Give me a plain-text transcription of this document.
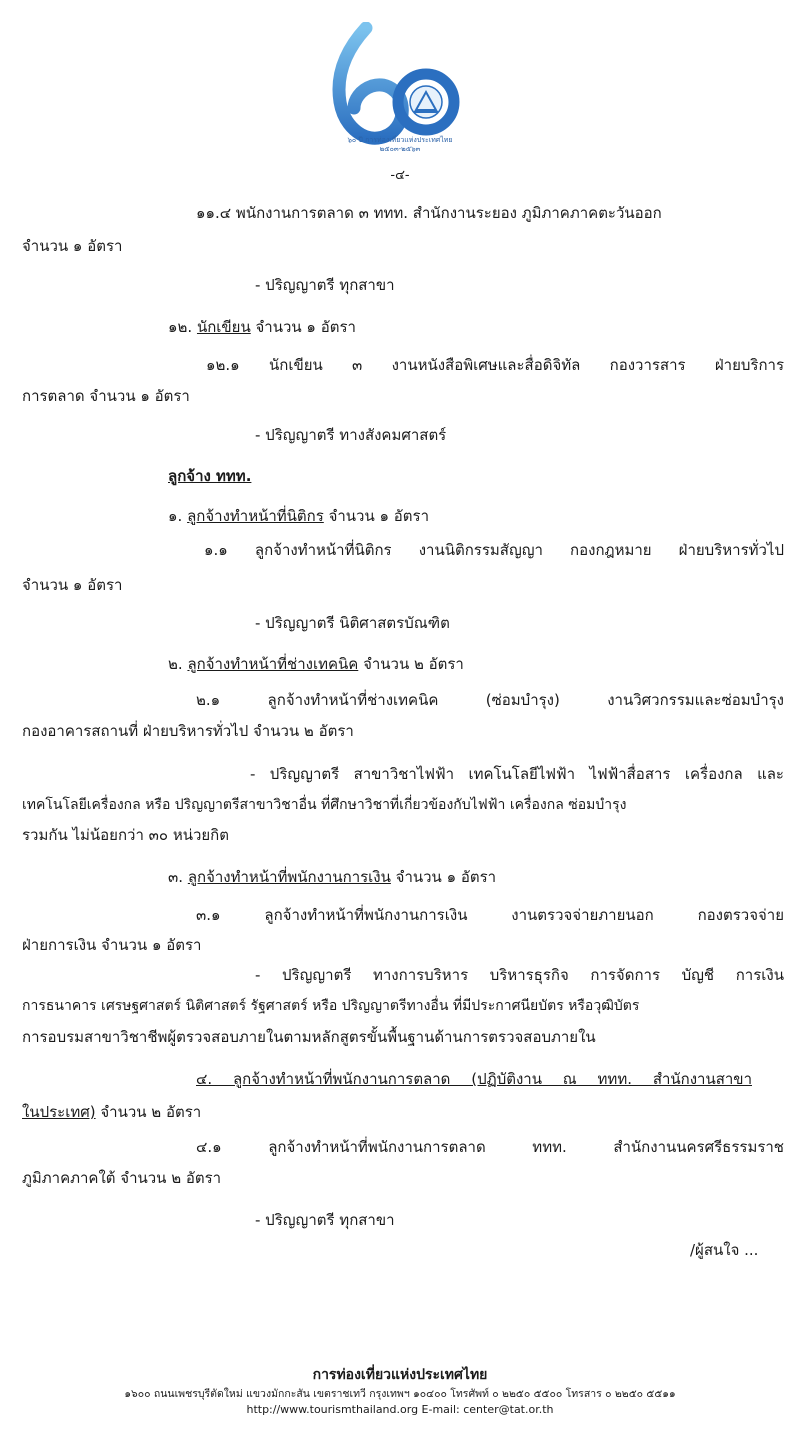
๖๐ ปี การท่องเที่ยวแห่งประเทศไทย
๒๕๐๓-๒๕๖๓
-๔-
๑๑.๔ พนักงานการตลาด ๓ ททท. สำนักงานระยอง ภูมิภาคภาคตะวันออก
จำนวน ๑ อัตรา
- ปริญญาตรี ทุกสาขา
๑๒. นักเขียน จำนวน ๑ อัตรา
๑๒.๑ นักเขียน ๓ งานหนังสือพิเศษและสื่อดิจิทัล กองวารสาร ฝ่ายบริการ
การตลาด จำนวน ๑ อัตรา
- ปริญญาตรี ทางสังคมศาสตร์
ลูกจ้าง ททท.
๑. ลูกจ้างทำหน้าที่นิติกร จำนวน ๑ อัตรา
๑.๑ ลูกจ้างทำหน้าที่นิติกร งานนิติกรรมสัญญา กองกฎหมาย ฝ่ายบริหารทั่วไป
จำนวน ๑ อัตรา
- ปริญญาตรี นิติศาสตรบัณฑิต
๒. ลูกจ้างทำหน้าที่ช่างเทคนิค จำนวน ๒ อัตรา
๒.๑ ลูกจ้างทำหน้าที่ช่างเทคนิค (ซ่อมบำรุง) งานวิศวกรรมและซ่อมบำรุง
กองอาคารสถานที่ ฝ่ายบริหารทั่วไป จำนวน ๒ อัตรา
- ปริญญาตรี สาขาวิชาไฟฟ้า เทคโนโลยีไฟฟ้า ไฟฟ้าสื่อสาร เครื่องกล และ
เทคโนโลยีเครื่องกล หรือ ปริญญาตรีสาขาวิชาอื่น ที่ศึกษาวิชาที่เกี่ยวข้องกับไฟฟ้า เครื่องกล ซ่อมบำรุง
รวมกัน ไม่น้อยกว่า ๓๐ หน่วยกิต
๓. ลูกจ้างทำหน้าที่พนักงานการเงิน จำนวน ๑ อัตรา
๓.๑ ลูกจ้างทำหน้าที่พนักงานการเงิน งานตรวจจ่ายภายนอก กองตรวจจ่าย
ฝ่ายการเงิน จำนวน ๑ อัตรา
- ปริญญาตรี ทางการบริหาร บริหารธุรกิจ การจัดการ บัญชี การเงิน
การธนาคาร เศรษฐศาสตร์ นิติศาสตร์ รัฐศาสตร์ หรือ ปริญญาตรีทางอื่น ที่มีประกาศนียบัตร หรือวุฒิบัตร
การอบรมสาขาวิชาชีพผู้ตรวจสอบภายในตามหลักสูตรขั้นพื้นฐานด้านการตรวจสอบภายใน
๔. ลูกจ้างทำหน้าที่พนักงานการตลาด (ปฏิบัติงาน ณ ททท. สำนักงานสาขา
ในประเทศ) จำนวน ๒ อัตรา
๔.๑ ลูกจ้างทำหน้าที่พนักงานการตลาด ททท. สำนักงานนครศรีธรรมราช
ภูมิภาคภาคใต้ จำนวน ๒ อัตรา
- ปริญญาตรี ทุกสาขา
/ผู้สนใจ ...
การท่องเที่ยวแห่งประเทศไทย
๑๖๐๐ ถนนเพชรบุรีตัดใหม่ แขวงมักกะสัน เขตราชเทวี กรุงเทพฯ ๑๐๔๐๐ โทรศัพท์ ๐ ๒๒๕๐ ๕๕๐๐ โทรสาร ๐ ๒๒๕๐ ๕๕๑๑
http://www.tourismthailand.org E-mail: center@tat.or.th
